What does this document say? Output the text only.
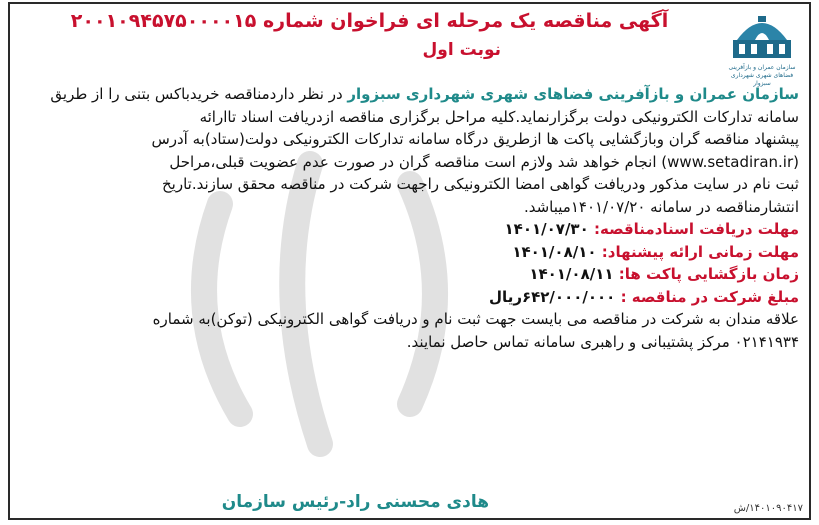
سازمان عمران و بازآفرینی فضاهای شهری شهرداری سبزوار
آگهی مناقصه یک مرحله ای فراخوان شماره ۲۰۰۱۰۹۴۵۷۵۰۰۰۰۱۵
نوبت اول
سازمان عمران و بازآفرینی فضاهای شهری شهرداری سبزوار در نظر داردمناقصه خریدباکس بتنی را از طریق
سامانه تدارکات الکترونیکی دولت برگزارنماید.کلیه مراحل برگزاری مناقصه ازدریافت اسناد تاارائه
پیشنهاد مناقصه گران وبازگشایی پاکت ها ازطریق درگاه سامانه تدارکات الکترونیکی دولت(ستاد)به آدرس
(www.setadiran.ir) انجام خواهد شد ولازم است مناقصه گران در صورت عدم عضویت قبلی،مراحل
ثبت نام در سایت مذکور ودریافت گواهی امضا الکترونیکی راجهت شرکت در مناقصه محقق سازند.تاریخ
انتشارمناقصه در سامانه ۱۴۰۱/۰۷/۲۰میباشد.
مهلت دریافت اسنادمناقصه: ۱۴۰۱/۰۷/۳۰
مهلت زمانی ارائه پیشنهاد: ۱۴۰۱/۰۸/۱۰
زمان بازگشایی پاکت ها: ۱۴۰۱/۰۸/۱۱
مبلغ شرکت در مناقصه : ۶۴۲/۰۰۰/۰۰۰ریال
علاقه مندان به شرکت در مناقصه می بایست جهت ثبت نام و دریافت گواهی الکترونیکی (توکن)به شماره
۰۲۱۴۱۹۳۴ مرکز پشتیبانی و راهبری سامانه تماس حاصل نمایند.
هادی محسنی راد-رئیس سازمان	۱۴۰۱۰۹۰۴۱۷/ش
